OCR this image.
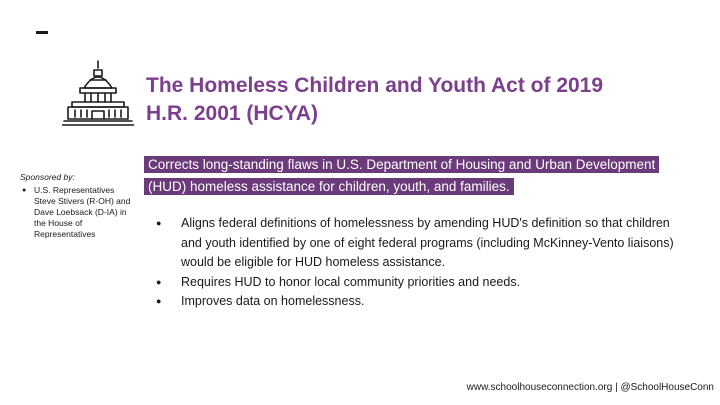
The Homeless Children and Youth Act of 2019
H.R. 2001 (HCYA)
Sponsored by:
● U.S. Representatives Steve Stivers (R-OH) and Dave Loebsack (D-IA) in the House of Representatives
Corrects long-standing flaws in U.S. Department of Housing and Urban Development (HUD) homeless assistance for children, youth, and families.
● Aligns federal definitions of homelessness by amending HUD's definition so that children and youth identified by one of eight federal programs (including McKinney-Vento liaisons) would be eligible for HUD homeless assistance.
● Requires HUD to honor local community priorities and needs.
● Improves data on homelessness.
www.schoolhouseconnection.org | @SchoolHouseConn
